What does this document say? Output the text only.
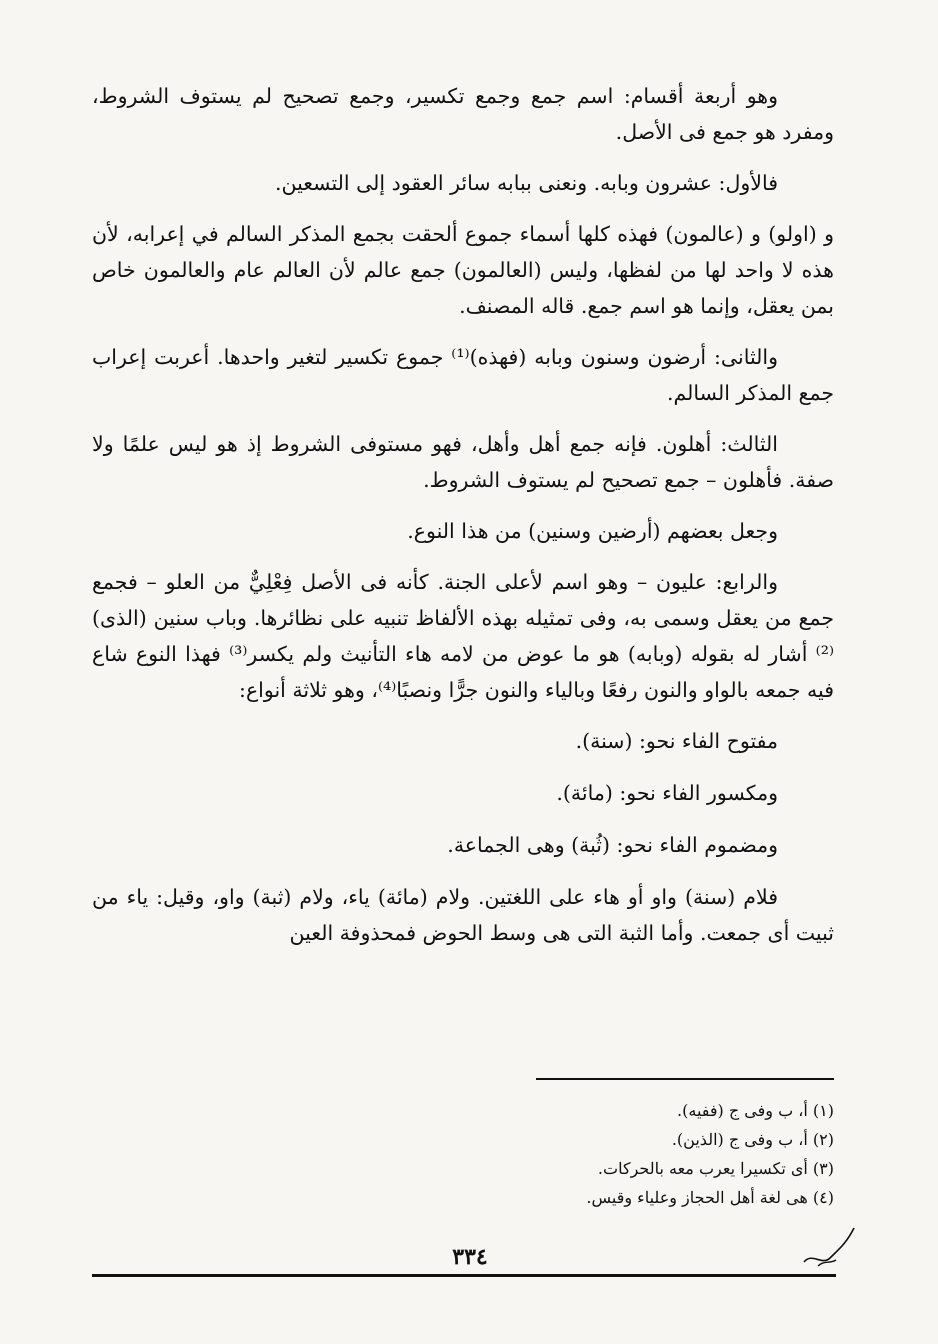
وهو أربعة أقسام: اسم جمع وجمع تكسير، وجمع تصحيح لم يستوف الشروط، ومفرد هو جمع فى الأصل.

فالأول: عشرون وبابه. ونعنى ببابه سائر العقود إلى التسعين.

و (اولو) و (عالمون) فهذه كلها أسماء جموع ألحقت بجمع المذكر السالم في إعرابه، لأن هذه لا واحد لها من لفظها، وليس (العالمون) جمع عالم لأن العالم عام والعالمون خاص بمن يعقل، وإنما هو اسم جمع. قاله المصنف.

والثانى: أرضون وسنون وبابه (فهذه)⁽¹⁾ جموع تكسير لتغير واحدها. أعربت إعراب جمع المذكر السالم.

الثالث: أهلون. فإنه جمع أهل وأهل، فهو مستوفى الشروط إذ هو ليس علمًا ولا صفة. فأهلون – جمع تصحيح لم يستوف الشروط.

وجعل بعضهم (أرضين وسنين) من هذا النوع.

والرابع: عليون – وهو اسم لأعلى الجنة. كأنه فى الأصل فِعْلِيٌّ من العلو – فجمع جمع من يعقل وسمى به، وفى تمثيله بهذه الألفاظ تنبيه على نظائرها. وباب سنين (الذى)⁽²⁾ أشار له بقوله (وبابه) هو ما عوض من لامه هاء التأنيث ولم يكسر⁽³⁾ فهذا النوع شاع فيه جمعه بالواو والنون رفعًا وبالياء والنون جرًّا ونصبًا⁽⁴⁾، وهو ثلاثة أنواع:

مفتوح الفاء نحو: (سنة).

ومكسور الفاء نحو: (مائة).

ومضموم الفاء نحو: (ثُبة) وهى الجماعة.

فلام (سنة) واو أو هاء على اللغتين. ولام (مائة) ياء، ولام (ثبة) واو، وقيل: ياء من ثبيت أى جمعت. وأما الثبة التى هى وسط الحوض فمحذوفة العين

(١) أ، ب وفى ج (ففيه).

(٢) أ، ب وفى ج (الذين).

(٣) أى تكسيرا يعرب معه بالحركات.

(٤) هى لغة أهل الحجاز وعلياء وقيس.

٣٣٤
